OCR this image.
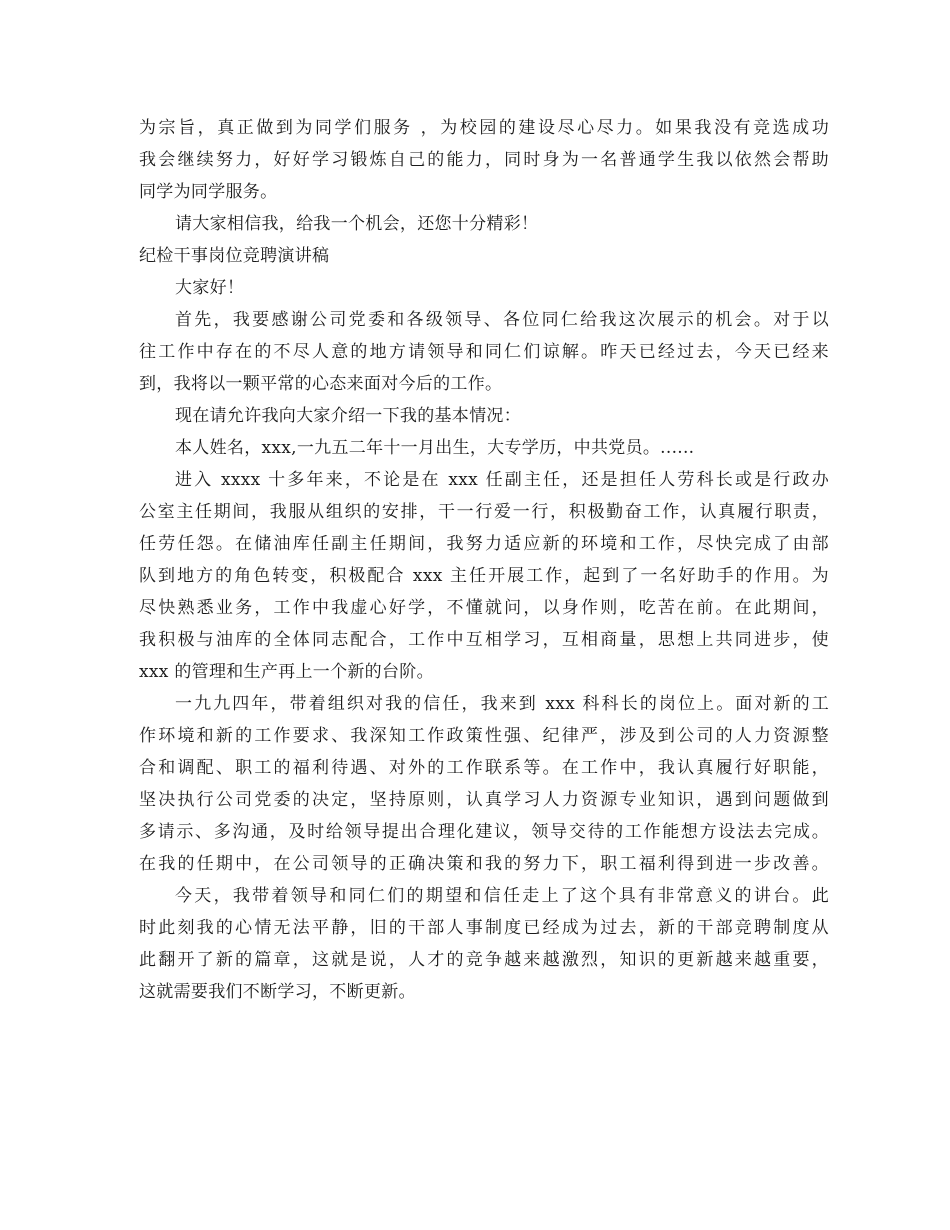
为宗旨，真正做到为同学们服务 ，为校园的建设尽心尽力。如果我没有竞选成功
我会继续努力，好好学习锻炼自己的能力，同时身为一名普通学生我以依然会帮助
同学为同学服务。
请大家相信我，给我一个机会，还您十分精彩！
纪检干事岗位竞聘演讲稿
大家好！
首先，我要感谢公司党委和各级领导、各位同仁给我这次展示的机会。对于以
往工作中存在的不尽人意的地方请领导和同仁们谅解。昨天已经过去，今天已经来
到，我将以一颗平常的心态来面对今后的工作。
现在请允许我向大家介绍一下我的基本情况：
本人姓名，xxx,一九五二年十一月出生，大专学历，中共党员。......
进入 xxxx 十多年来，不论是在 xxx 任副主任，还是担任人劳科长或是行政办
公室主任期间，我服从组织的安排，干一行爱一行，积极勤奋工作，认真履行职责，
任劳任怨。在储油库任副主任期间，我努力适应新的环境和工作，尽快完成了由部
队到地方的角色转变，积极配合 xxx 主任开展工作，起到了一名好助手的作用。为
尽快熟悉业务，工作中我虚心好学，不懂就问，以身作则，吃苦在前。在此期间，
我积极与油库的全体同志配合，工作中互相学习，互相商量，思想上共同进步，使
xxx 的管理和生产再上一个新的台阶。
一九九四年，带着组织对我的信任，我来到 xxx 科科长的岗位上。面对新的工
作环境和新的工作要求、我深知工作政策性强、纪律严，涉及到公司的人力资源整
合和调配、职工的福利待遇、对外的工作联系等。在工作中，我认真履行好职能，
坚决执行公司党委的决定，坚持原则，认真学习人力资源专业知识，遇到问题做到
多请示、多沟通，及时给领导提出合理化建议，领导交待的工作能想方设法去完成。
在我的任期中，在公司领导的正确决策和我的努力下，职工福利得到进一步改善。
今天，我带着领导和同仁们的期望和信任走上了这个具有非常意义的讲台。此
时此刻我的心情无法平静，旧的干部人事制度已经成为过去，新的干部竞聘制度从
此翻开了新的篇章，这就是说，人才的竞争越来越激烈，知识的更新越来越重要，
这就需要我们不断学习，不断更新。
